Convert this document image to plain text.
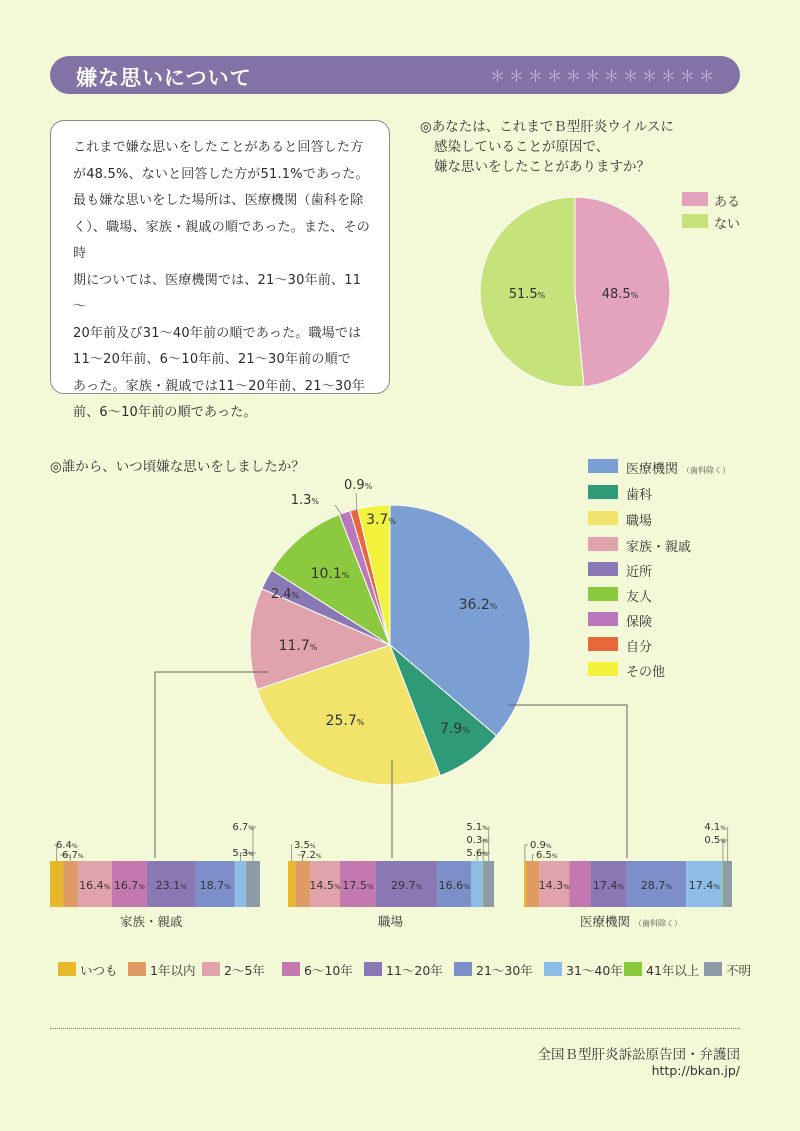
嫌な思いについて	＊＊＊＊＊＊＊＊＊＊＊＊

これまで嫌な思いをしたことがあると回答した方

が48.5%、ないと回答した方が51.1%であった。

最も嫌な思いをした場所は、医療機関（歯科を除

く）、職場、家族・親戚の順であった。また、その時

期については、医療機関では、21～30年前、11～

20年前及び31～40年前の順であった。職場では

11～20年前、6～10年前、21～30年前の順で

あった。家族・親戚では11～20年前、21～30年

前、6～10年前の順であった。

◎あなたは、これまでＢ型肝炎ウイルスに
感染していることが原因で、
嫌な思いをしたことがありますか？
◎誰から、いつ頃嫌な思いをしましたか？
ある
ない
医療機関 （歯科除く）
歯科
職場
家族・親戚
近所
友人
保険
自分
その他
48.5%
51.5%
36.2%
7.9%
25.7%
11.7%
2.4%
10.1%
1.3%
0.9%
3.7%
16.4% 16.7% 23.1% 18.7%
6.4%
6.7%
6.7%
5.3%
14.5% 17.5% 29.7% 16.6%
3.5%
7.2%
5.1%
0.3%
5.6%
14.3% 17.4% 28.7% 17.4%
0.9%
6.5%
4.1%
0.5%
家族・親戚	職場	医療機関 （歯科除く）
いつも	1年以内 2～5年	6～10年	11～20年	21～30年	31～40年 41年以上 不明
全国Ｂ型肝炎訴訟原告団・弁護団
http://bkan.jp/
